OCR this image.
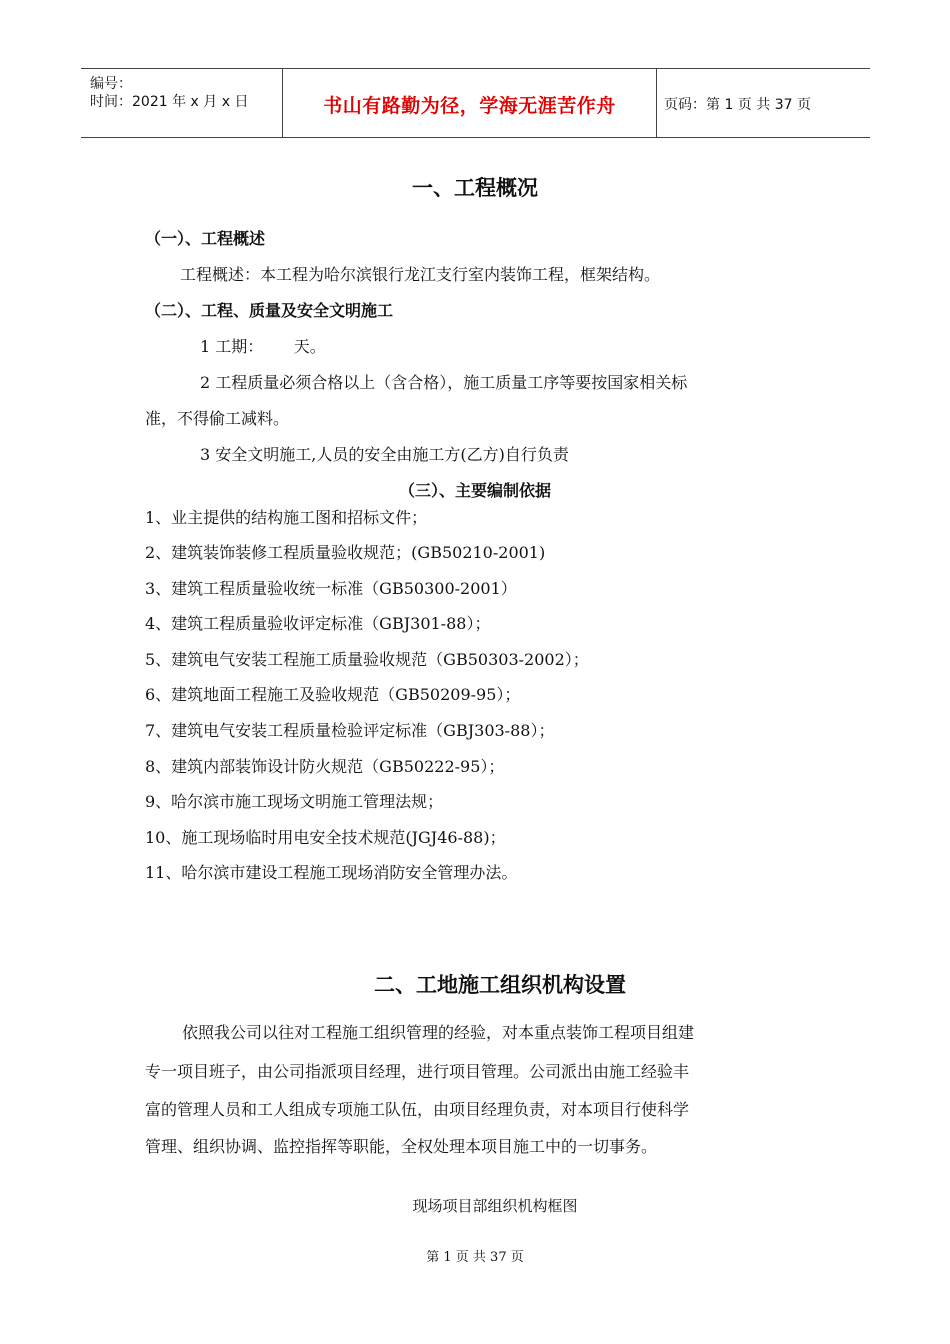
编号：
时间：2021 年 x 月 x 日	书山有路勤为径，学海无涯苦作舟	页码：第 1 页 共 37 页
一、工程概况
（一）、工程概述
工程概述：本工程为哈尔滨银行龙江支行室内装饰工程，框架结构。
（二）、工程、质量及安全文明施工
1 工期：      天。
2 工程质量必须合格以上（含合格），施工质量工序等要按国家相关标
准，不得偷工减料。
3 安全文明施工,人员的安全由施工方(乙方)自行负责
（三）、主要编制依据
1、业主提供的结构施工图和招标文件；
2、建筑装饰装修工程质量验收规范；(GB50210-2001)
3、建筑工程质量验收统一标准（GB50300-2001）
4、建筑工程质量验收评定标准（GBJ301-88）；
5、建筑电气安装工程施工质量验收规范（GB50303-2002）；
6、建筑地面工程施工及验收规范（GB50209-95）；
7、建筑电气安装工程质量检验评定标准（GBJ303-88）；
8、建筑内部装饰设计防火规范（GB50222-95）；
9、哈尔滨市施工现场文明施工管理法规；
10、施工现场临时用电安全技术规范(JGJ46-88)；
11、哈尔滨市建设工程施工现场消防安全管理办法。
二、工地施工组织机构设置
依照我公司以往对工程施工组织管理的经验，对本重点装饰工程项目组建
专一项目班子，由公司指派项目经理，进行项目管理。公司派出由施工经验丰
富的管理人员和工人组成专项施工队伍，由项目经理负责，对本项目行使科学
管理、组织协调、监控指挥等职能，全权处理本项目施工中的一切事务。
现场项目部组织机构框图
第 1 页 共 37 页
